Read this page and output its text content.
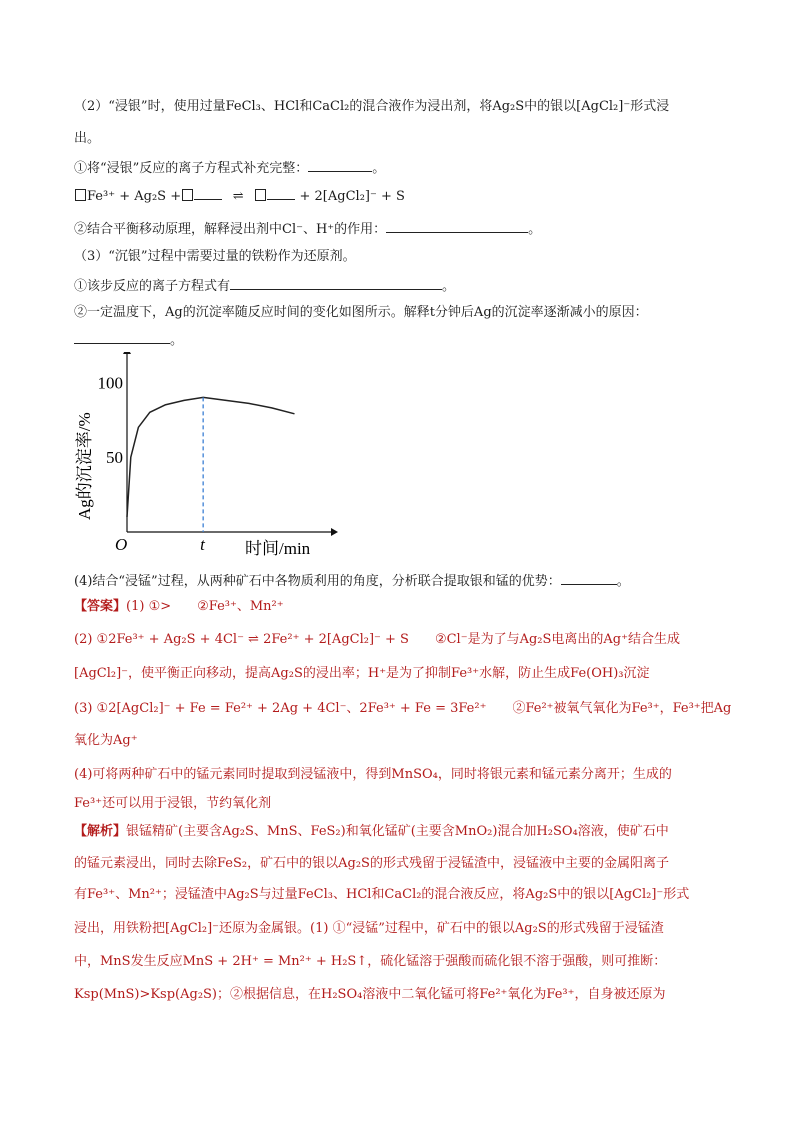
（2）“浸银”时，使用过量FeCl₃、HCl和CaCl₂的混合液作为浸出剂，将Ag₂S中的银以[AgCl₂]⁻形式浸
出。
①将“浸银”反应的离子方程式补充完整：	。
Fe³⁺ + Ag₂S +	⇌	+ 2[AgCl₂]⁻ + S
②结合平衡移动原理，解释浸出剂中Cl⁻、H⁺的作用：	。
（3）“沉银”过程中需要过量的铁粉作为还原剂。
①该步反应的离子方程式有	。
②一定温度下，Ag的沉淀率随反应时间的变化如图所示。解释t分钟后Ag的沉淀率逐渐减小的原因：
。
50
100
O	t 时间/min
Ag的沉淀率/%
(4)结合“浸锰”过程，从两种矿石中各物质利用的角度，分析联合提取银和锰的优势：	。
【答案】(1) ①>　　②Fe³⁺、Mn²⁺
(2) ①2Fe³⁺ + Ag₂S + 4Cl⁻ ⇌ 2Fe²⁺ + 2[AgCl₂]⁻ + S　　②Cl⁻是为了与Ag₂S电离出的Ag⁺结合生成
[AgCl₂]⁻，使平衡正向移动，提高Ag₂S的浸出率；H⁺是为了抑制Fe³⁺水解，防止生成Fe(OH)₃沉淀
(3) ①2[AgCl₂]⁻ + Fe = Fe²⁺ + 2Ag + 4Cl⁻、2Fe³⁺ + Fe = 3Fe²⁺　　②Fe²⁺被氧气氧化为Fe³⁺，Fe³⁺把Ag
氧化为Ag⁺
(4)可将两种矿石中的锰元素同时提取到浸锰液中，得到MnSO₄，同时将银元素和锰元素分离开；生成的
Fe³⁺还可以用于浸银，节约氧化剂
【解析】银锰精矿(主要含Ag₂S、MnS、FeS₂)和氧化锰矿(主要含MnO₂)混合加H₂SO₄溶液，使矿石中
的锰元素浸出，同时去除FeS₂，矿石中的银以Ag₂S的形式残留于浸锰渣中，浸锰液中主要的金属阳离子
有Fe³⁺、Mn²⁺；浸锰渣中Ag₂S与过量FeCl₃、HCl和CaCl₂的混合液反应，将Ag₂S中的银以[AgCl₂]⁻形式
浸出，用铁粉把[AgCl₂]⁻还原为金属银。(1) ①“浸锰”过程中，矿石中的银以Ag₂S的形式残留于浸锰渣
中，MnS发生反应MnS + 2H⁺ = Mn²⁺ + H₂S↑，硫化锰溶于强酸而硫化银不溶于强酸，则可推断：
Ksp(MnS)>Ksp(Ag₂S)；②根据信息，在H₂SO₄溶液中二氧化锰可将Fe²⁺氧化为Fe³⁺，自身被还原为
